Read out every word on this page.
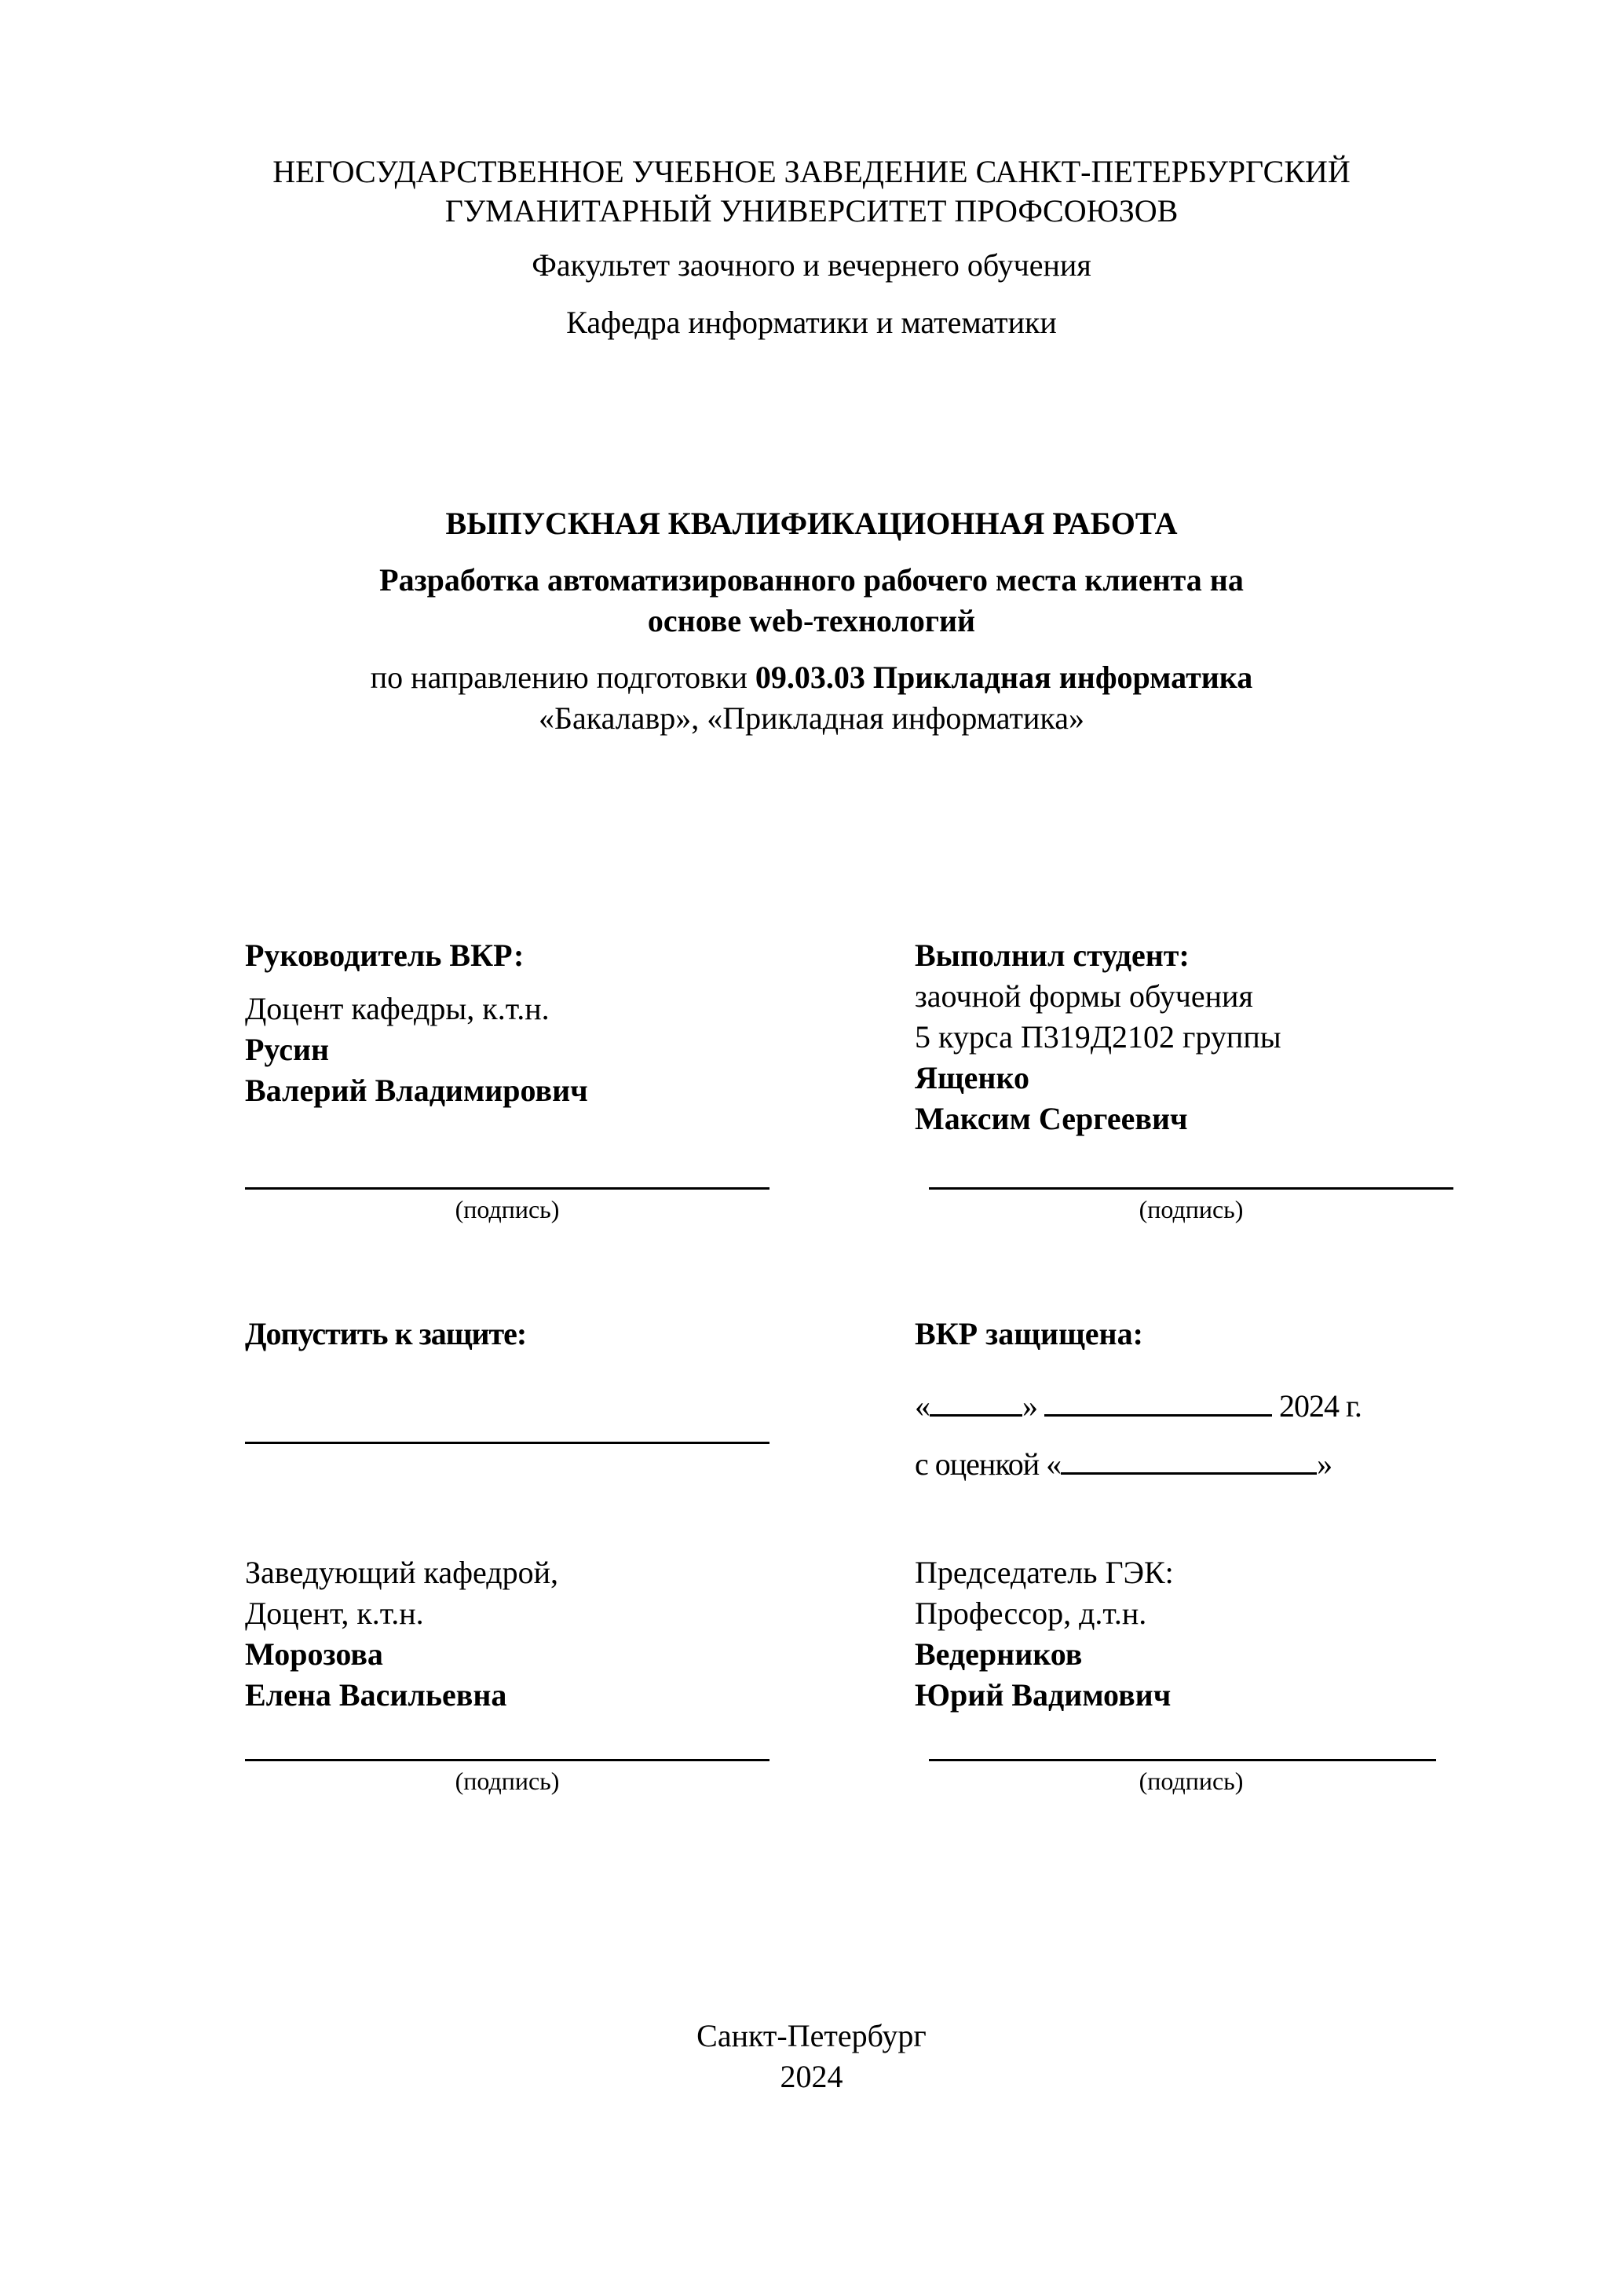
НЕГОСУДАРСТВЕННОЕ УЧЕБНОЕ ЗАВЕДЕНИЕ САНКТ-ПЕТЕРБУРГСКИЙ
ГУМАНИТАРНЫЙ УНИВЕРСИТЕТ ПРОФСОЮЗОВ
Факультет заочного и вечернего обучения
Кафедра информатики и математики
ВЫПУСКНАЯ КВАЛИФИКАЦИОННАЯ РАБОТА
Разработка автоматизированного рабочего места клиента на
основе web-технологий
по направлению подготовки 09.03.03 Прикладная информатика
«Бакалавр», «Прикладная информатика»
Руководитель ВКР:
Доцент кафедры, к.т.н.
Русин
Валерий Владимирович
(подпись)
Выполнил студент:
заочной формы обучения
5 курса П319Д2102 группы
Ященко
Максим Сергеевич
(подпись)
Допустить к защите:	ВКР защищена:
«	»	2024 г.
с оценкой «	»
Заведующий кафедрой,
Доцент, к.т.н.
Морозова
Елена Васильевна
(подпись)
Председатель ГЭК:
Профессор, д.т.н.
Ведерников
Юрий Вадимович
(подпись)
Санкт-Петербург
2024
